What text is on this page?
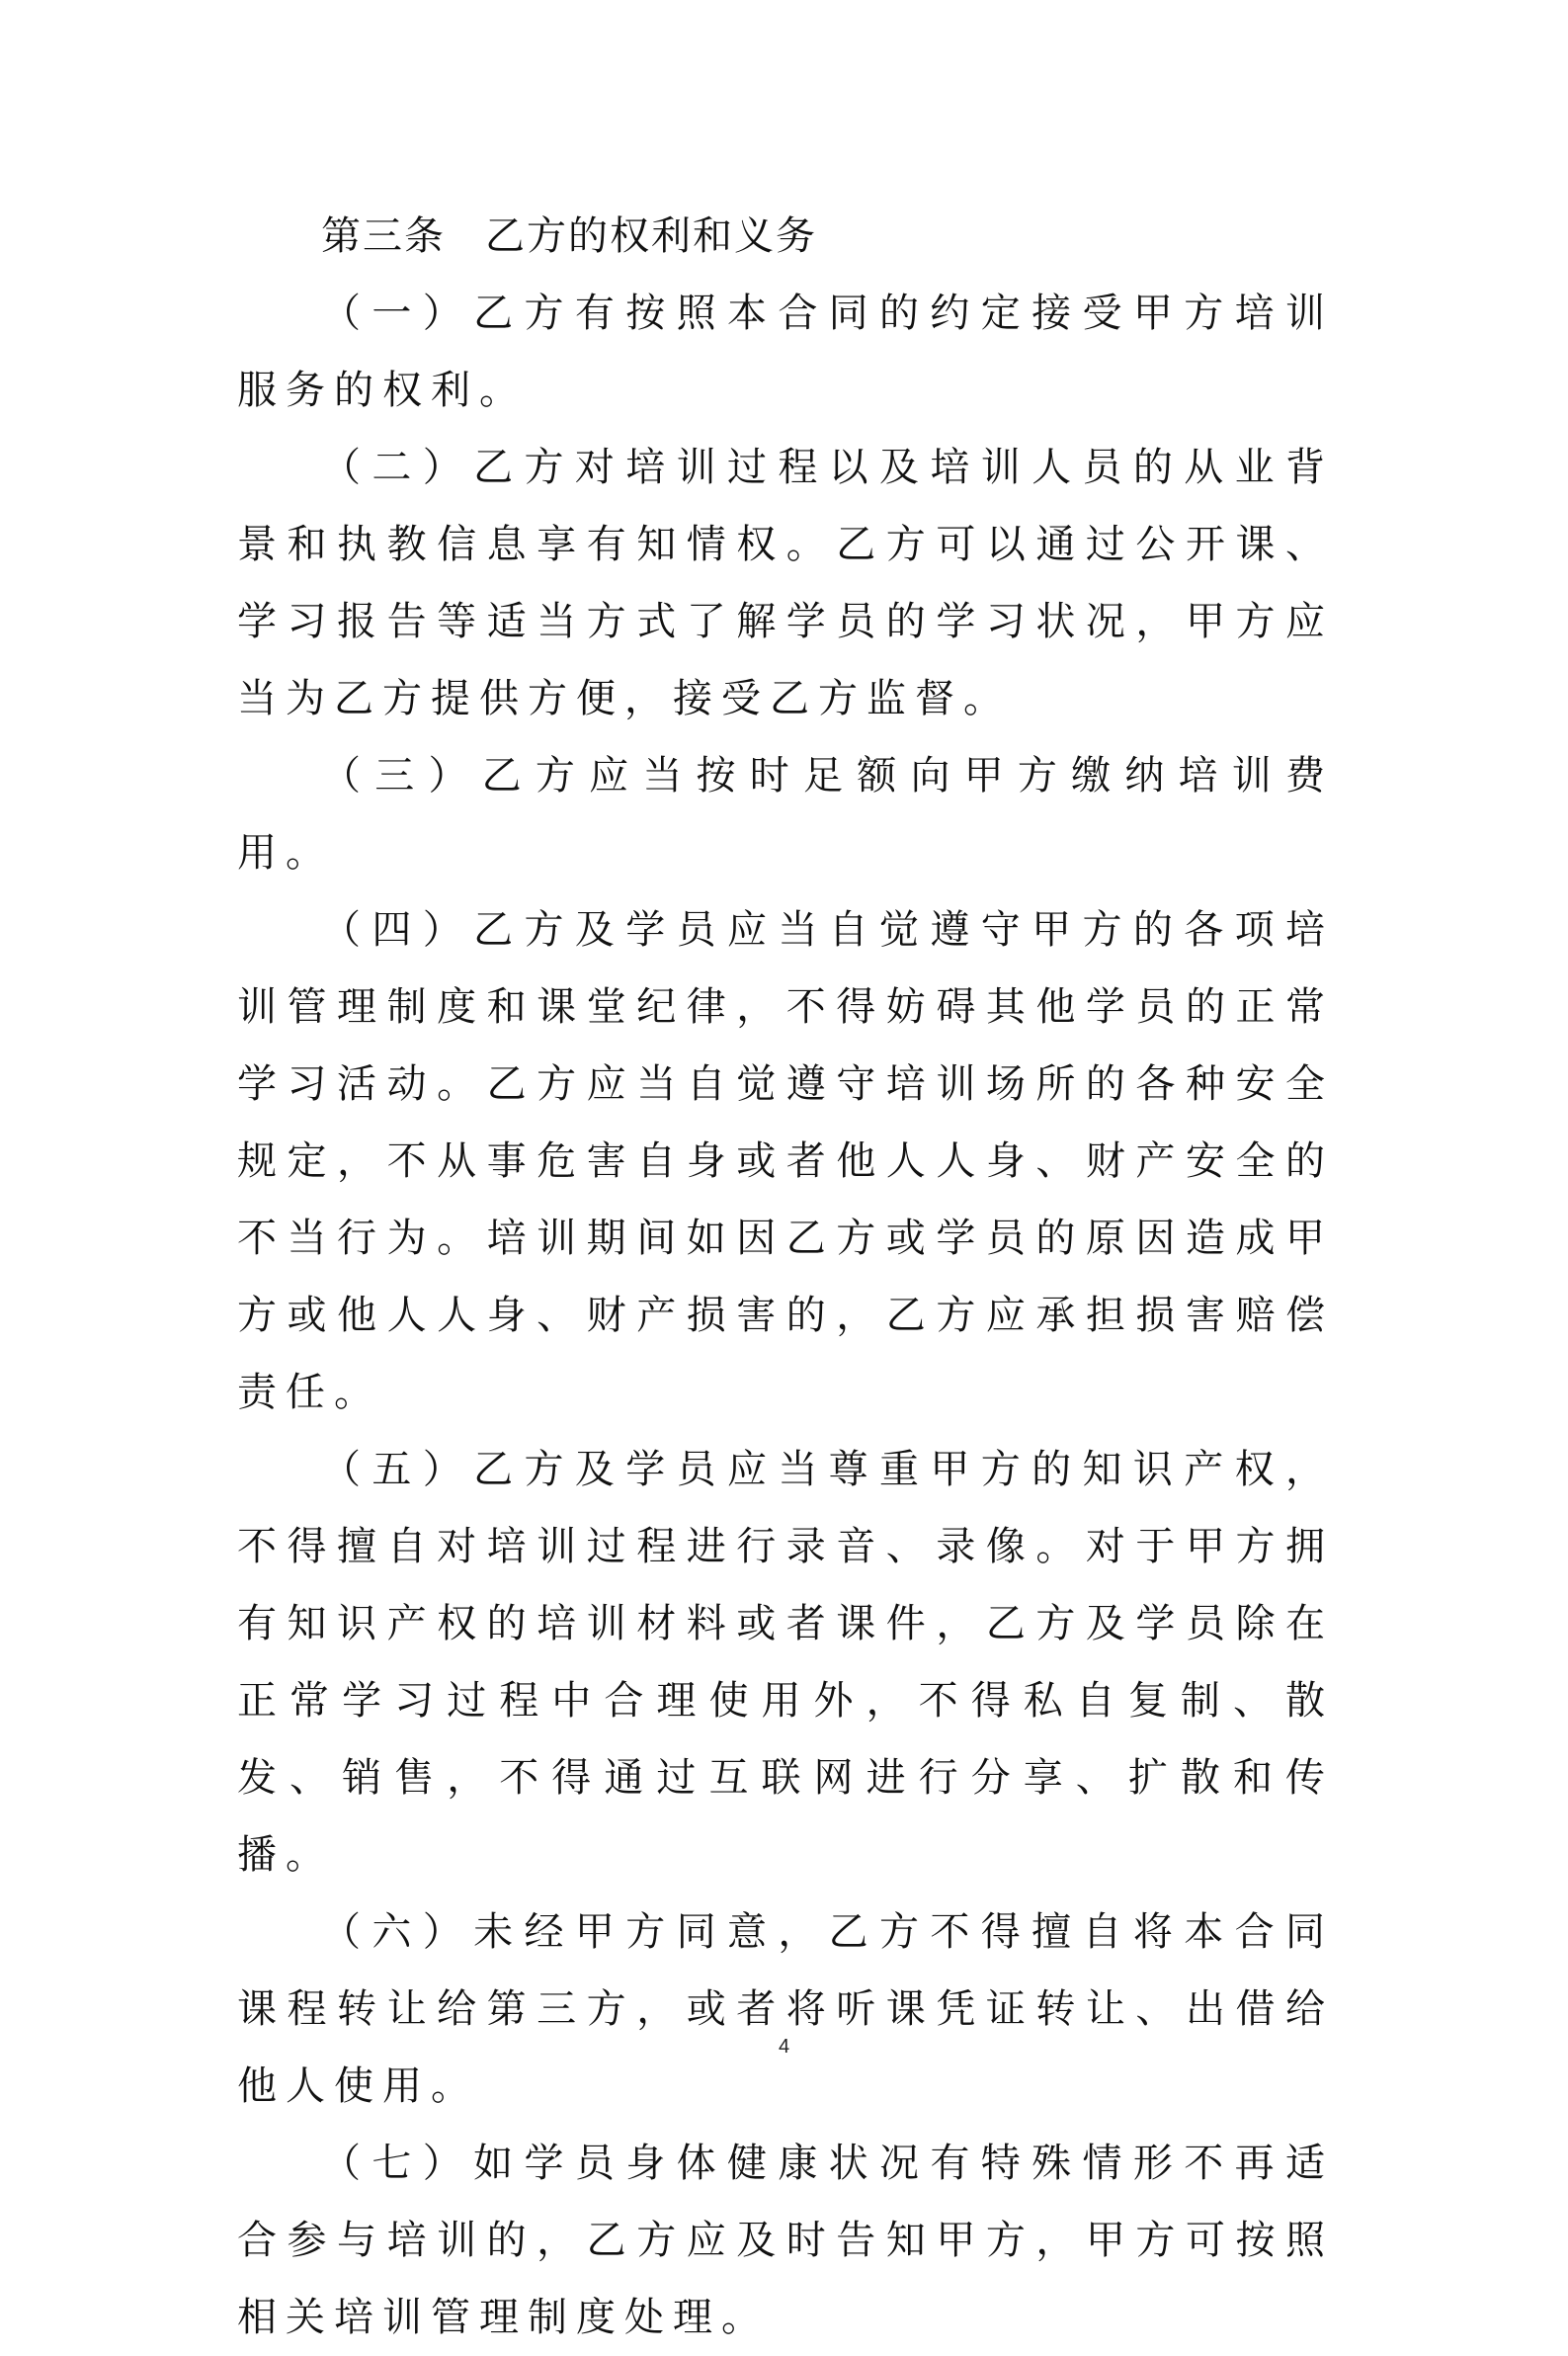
第三条 乙方的权利和义务

（一）乙方有按照本合同的约定接受甲方培训服务的权利。

（二）乙方对培训过程以及培训人员的从业背景和执教信息享有知情权。乙方可以通过公开课、学习报告等适当方式了解学员的学习状况，甲方应当为乙方提供方便，接受乙方监督。

（三）乙方应当按时足额向甲方缴纳培训费用。

（四）乙方及学员应当自觉遵守甲方的各项培训管理制度和课堂纪律，不得妨碍其他学员的正常学习活动。乙方应当自觉遵守培训场所的各种安全规定，不从事危害自身或者他人人身、财产安全的不当行为。培训期间如因乙方或学员的原因造成甲方或他人人身、财产损害的，乙方应承担损害赔偿责任。

（五）乙方及学员应当尊重甲方的知识产权，不得擅自对培训过程进行录音、录像。对于甲方拥有知识产权的培训材料或者课件，乙方及学员除在正常学习过程中合理使用外，不得私自复制、散发、销售，不得通过互联网进行分享、扩散和传播。

（六）未经甲方同意，乙方不得擅自将本合同课程转让给第三方，或者将听课凭证转让、出借给他人使用。

（七）如学员身体健康状况有特殊情形不再适合参与培训的，乙方应及时告知甲方，甲方可按照相关培训管理制度处理。

4
